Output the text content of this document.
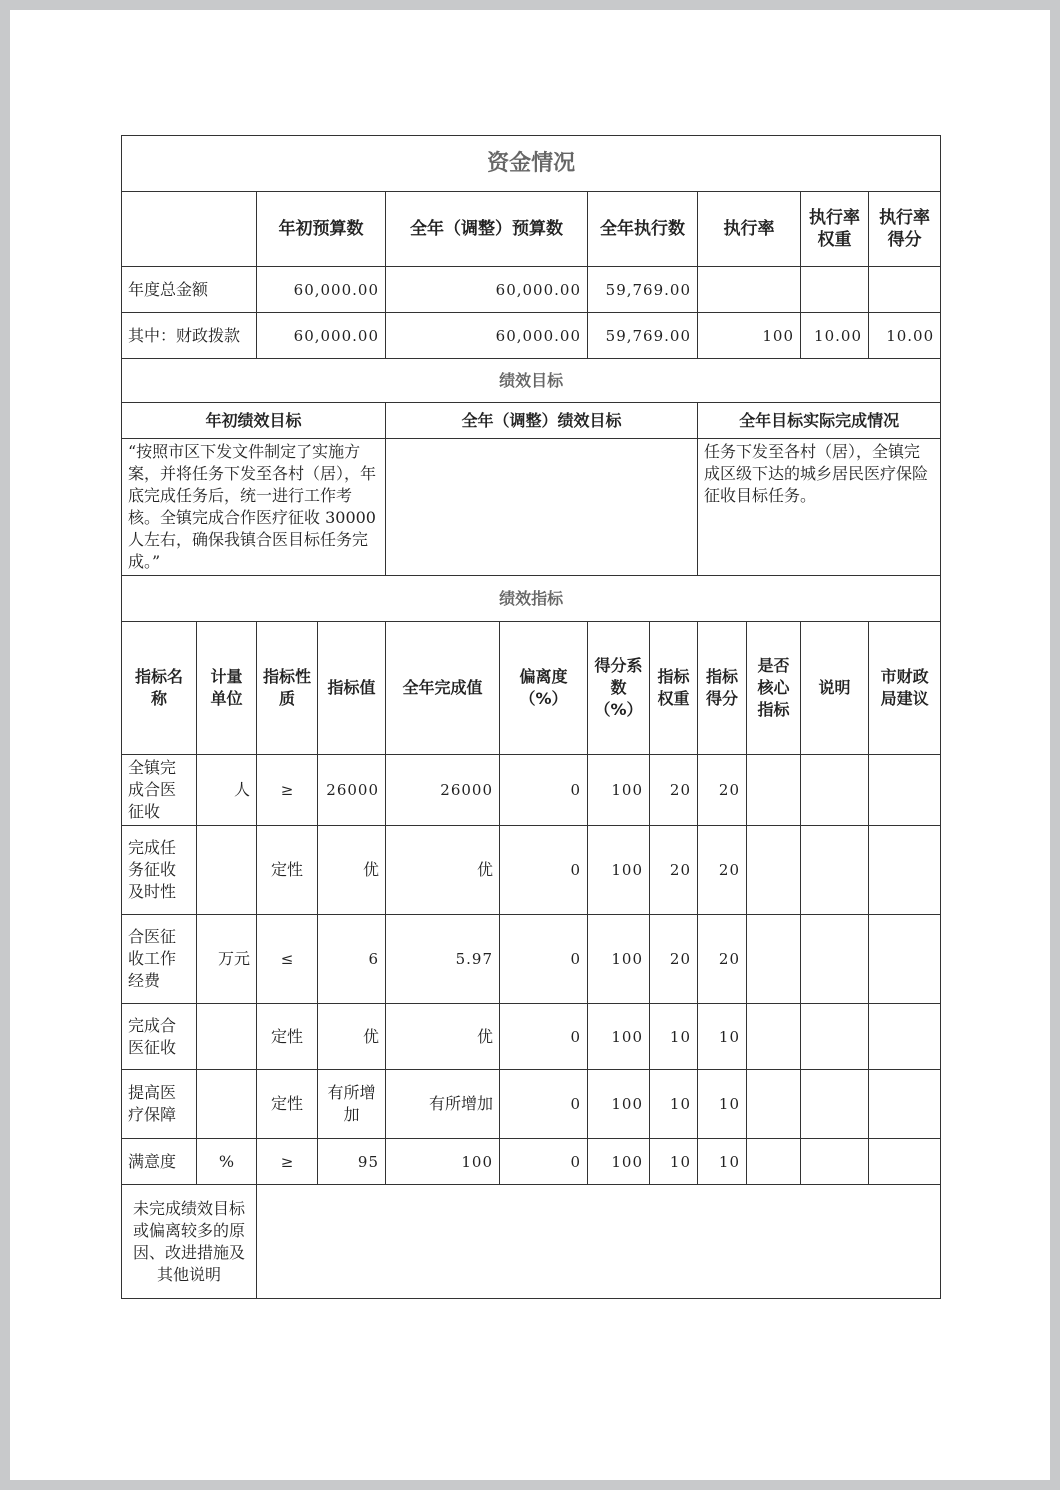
资金情况											
		年初预算数		全年（调整）预算数		全年执行数		执行率		执行率权重	执行率得分
年度总金额		60,000.00		60,000.00		59,769.00					
其中：财政拨款		60,000.00		60,000.00		59,769.00		100		10.00	10.00
绩效目标											
年初绩效目标				全年（调整）绩效目标				全年目标实际完成情况			
“按照市区下发文件制定了实施方案，并将任务下发至各村（居），年底完成任务后，统一进行工作考核。全镇完成合作医疗征收 30000 人左右，确保我镇合医目标任务完成。”								任务下发至各村（居），全镇完成区级下达的城乡居民医疗保险征收目标任务。			
绩效指标											
指标名称	计量单位	指标性质	指标值	全年完成值	偏离度（%）	得分系数（%）	指标权重	指标得分	是否核心指标	说明	市财政局建议
全镇完成合医征收	人	≥	26000	26000	0	100	20	20			
完成任务征收及时性		定性	优	优	0	100	20	20			
合医征收工作经费	万元	≤	6	5.97	0	100	20	20			
完成合医征收		定性	优	优	0	100	10	10			
提高医疗保障		定性	有所增加	有所增加	0	100	10	10			
满意度	%	≥	95	100	0	100	10	10			
未完成绩效目标或偏离较多的原因、改进措施及其他说明											
